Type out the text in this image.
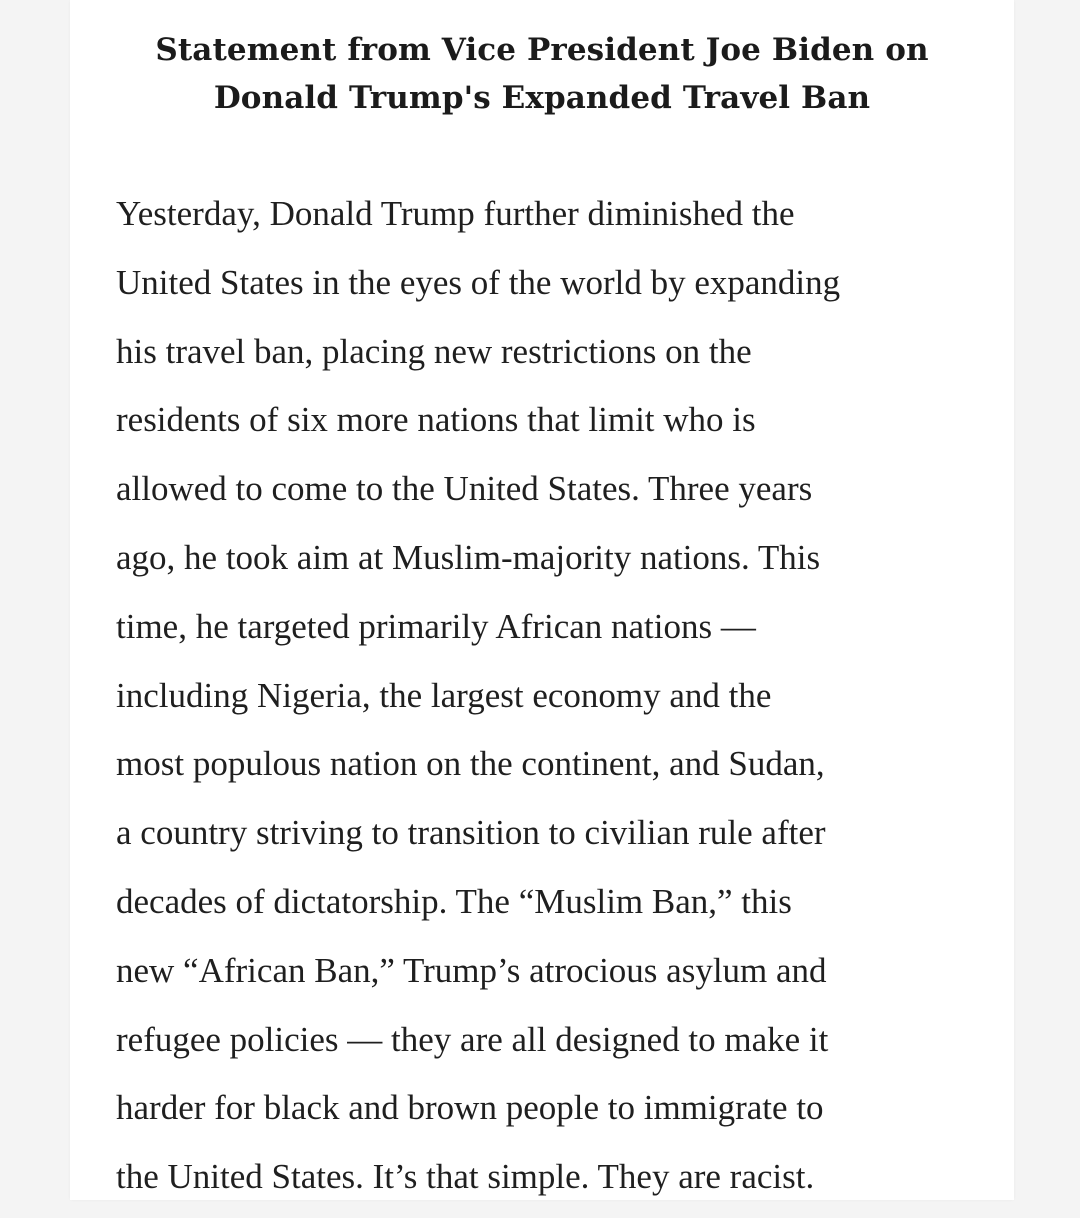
Statement from Vice President Joe Biden on
Donald Trump's Expanded Travel Ban
Yesterday, Donald Trump further diminished the
United States in the eyes of the world by expanding
his travel ban, placing new restrictions on the
residents of six more nations that limit who is
allowed to come to the United States. Three years
ago, he took aim at Muslim-majority nations. This
time, he targeted primarily African nations —
including Nigeria, the largest economy and the
most populous nation on the continent, and Sudan,
a country striving to transition to civilian rule after
decades of dictatorship. The “Muslim Ban,” this
new “African Ban,” Trump’s atrocious asylum and
refugee policies — they are all designed to make it
harder for black and brown people to immigrate to
the United States. It’s that simple. They are racist.
